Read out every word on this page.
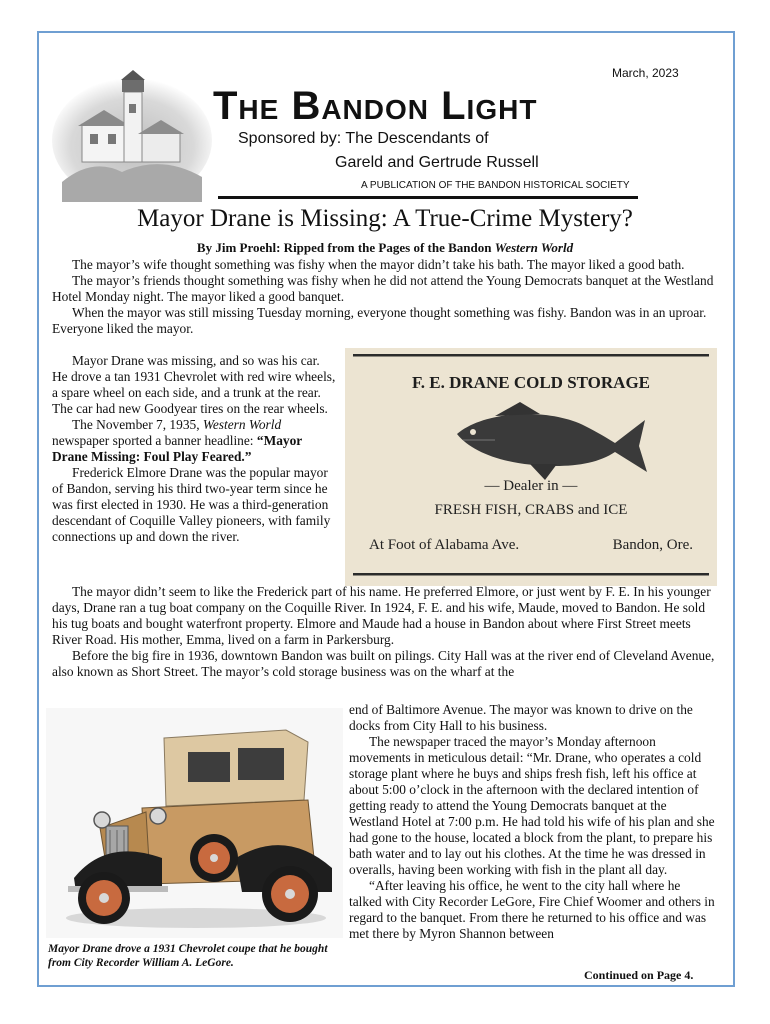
March, 2023
The Bandon Light
Sponsored by: The Descendants of
Gareld and Gertrude Russell
A PUBLICATION OF THE BANDON HISTORICAL SOCIETY
Mayor Drane is Missing: A True-Crime Mystery?
By Jim Proehl: Ripped from the Pages of the Bandon Western World

The mayor’s wife thought something was fishy when the mayor didn’t take his bath. The mayor liked a good bath.

The mayor’s friends thought something was fishy when he did not attend the Young Democrats banquet at the Westland Hotel Monday night. The mayor liked a good banquet.

When the mayor was still missing Tuesday morning, everyone thought something was fishy. Bandon was in an uproar. Everyone liked the mayor.

Mayor Drane was missing, and so was his car. He drove a tan 1931 Chevrolet with red wire wheels, a spare wheel on each side, and a trunk at the rear. The car had new Goodyear tires on the rear wheels.

The November 7, 1935, Western World newspaper sported a banner headline: “Mayor Drane Missing: Foul Play Feared.”

Frederick Elmore Drane was the popular mayor of Bandon, serving his third two-year term since he was first elected in 1930. He was a third-generation descendant of Coquille Valley pioneers, with family connections up and down the river.

F. E. DRANE COLD STORAGE
— Dealer in —
FRESH FISH, CRABS and ICE
At Foot of Alabama Ave.	Bandon, Ore.

The mayor didn’t seem to like the Frederick part of his name. He preferred Elmore, or just went by F. E. In his younger days, Drane ran a tug boat company on the Coquille River. In 1924, F. E. and his wife, Maude, moved to Bandon. He sold his tug boats and bought waterfront property. Elmore and Maude had a house in Bandon about where First Street meets River Road. His mother, Emma, lived on a farm in Parkersburg.

Before the big fire in 1936, downtown Bandon was built on pilings. City Hall was at the river end of Cleveland Avenue, also known as Short Street. The mayor’s cold storage business was on the wharf at the

Mayor Drane drove a 1931 Chevrolet coupe that he bought from City Recorder William A. LeGore.

end of Baltimore Avenue. The mayor was known to drive on the docks from City Hall to his business.

The newspaper traced the mayor’s Monday afternoon movements in meticulous detail: “Mr. Drane, who operates a cold storage plant where he buys and ships fresh fish, left his office at about 5:00 o’clock in the afternoon with the declared intention of getting ready to attend the Young Democrats banquet at the Westland Hotel at 7:00 p.m. He had told his wife of his plan and she had gone to the house, located a block from the plant, to prepare his bath water and to lay out his clothes. At the time he was dressed in overalls, having been working with fish in the plant all day.

“After leaving his office, he went to the city hall where he talked with City Recorder LeGore, Fire Chief Woomer and others in regard to the banquet. From there he returned to his office and was met there by Myron Shannon between

Continued on Page 4.
